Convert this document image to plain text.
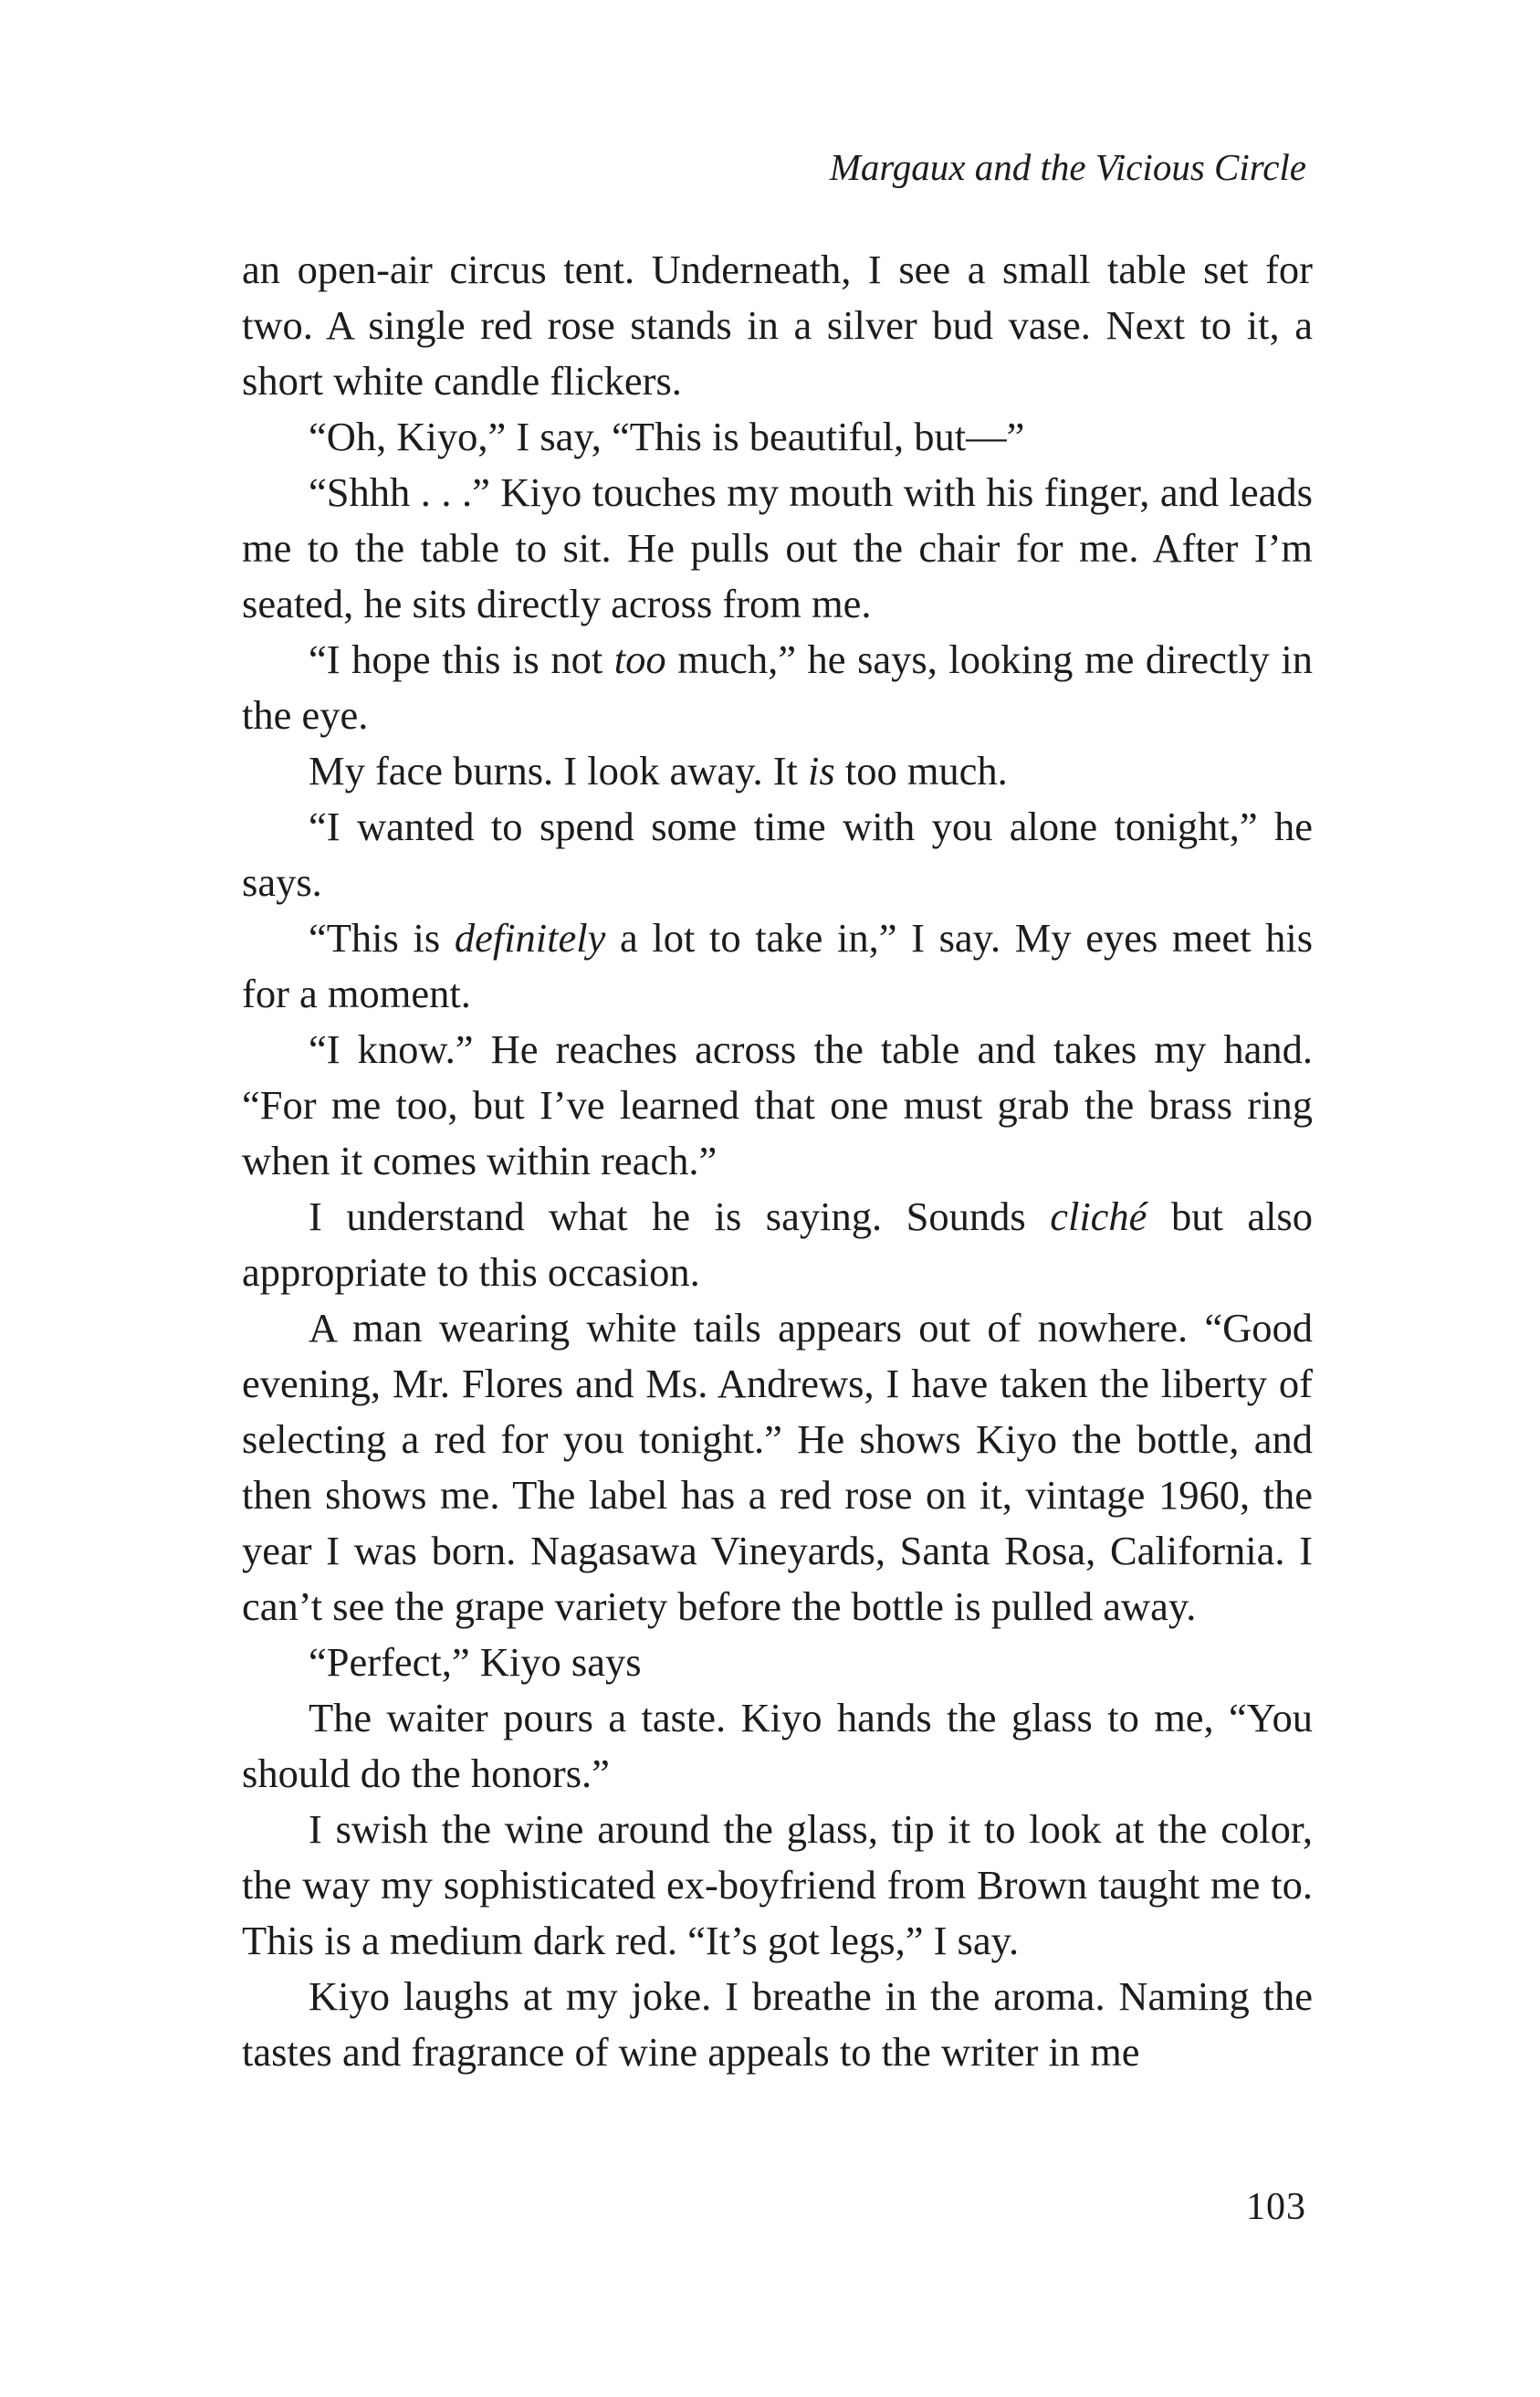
Margaux and the Vicious Circle

an open-air circus tent. Underneath, I see a small table set for two. A single red rose stands in a silver bud vase. Next to it, a short white candle flickers.

“Oh, Kiyo,” I say, “This is beautiful, but—”

“Shhh . . .” Kiyo touches my mouth with his finger, and leads me to the table to sit. He pulls out the chair for me. After I’m seated, he sits directly across from me.

“I hope this is not too much,” he says, looking me directly in the eye.

My face burns. I look away. It is too much.

“I wanted to spend some time with you alone tonight,” he says.

“This is definitely a lot to take in,” I say. My eyes meet his for a moment.

“I know.” He reaches across the table and takes my hand. “For me too, but I’ve learned that one must grab the brass ring when it comes within reach.”

I understand what he is saying. Sounds cliché but also appropriate to this occasion.

A man wearing white tails appears out of nowhere. “Good evening, Mr. Flores and Ms. Andrews, I have taken the liberty of selecting a red for you tonight.” He shows Kiyo the bottle, and then shows me. The label has a red rose on it, vintage 1960, the year I was born. Nagasawa Vineyards, Santa Rosa, California. I can’t see the grape variety before the bottle is pulled away.

“Perfect,” Kiyo says

The waiter pours a taste. Kiyo hands the glass to me, “You should do the honors.”

I swish the wine around the glass, tip it to look at the color, the way my sophisticated ex-boyfriend from Brown taught me to. This is a medium dark red. “It’s got legs,” I say.

Kiyo laughs at my joke. I breathe in the aroma. Naming the tastes and fragrance of wine appeals to the writer in me

103
